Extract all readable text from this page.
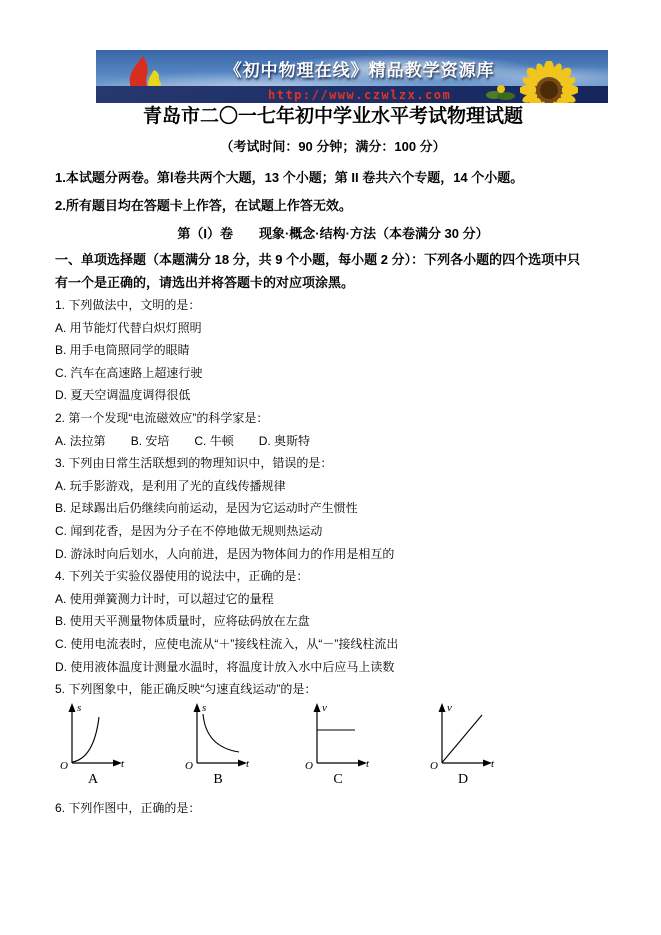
《初中物理在线》精品教学资源库
http://www.czwlzx.com
青岛市二〇一七年初中学业水平考试物理试题
（考试时间：90 分钟；满分：100 分）
1.本试题分两卷。第Ⅰ卷共两个大题，13 个小题；第 II 卷共六个专题，14 个小题。
2.所有题目均在答题卡上作答，在试题上作答无效。
第（I）卷　　现象·概念·结构·方法（本卷满分 30 分）
一、单项选择题（本题满分 18 分，共 9 个小题，每小题 2 分）：下列各小题的四个选项中只
有一个是正确的，请选出并将答题卡的对应项涂黑。
1. 下列做法中，文明的是：
A. 用节能灯代替白炽灯照明
B. 用手电筒照同学的眼睛
C. 汽车在高速路上超速行驶
D. 夏天空调温度调得很低
2. 第一个发现“电流磁效应”的科学家是：
A. 法拉第 B. 安培 C. 牛顿 D. 奥斯特
3. 下列由日常生活联想到的物理知识中，错误的是：
A. 玩手影游戏，是利用了光的直线传播规律
B. 足球踢出后仍继续向前运动，是因为它运动时产生惯性
C. 闻到花香，是因为分子在不停地做无规则热运动
D. 游泳时向后划水，人向前进，是因为物体间力的作用是相互的
4. 下列关于实验仪器使用的说法中，正确的是：
A. 使用弹簧测力计时，可以超过它的量程
B. 使用天平测量物体质量时，应将砝码放在左盘
C. 使用电流表时，应使电流从“＋”接线柱流入，从“－”接线柱流出
D. 使用液体温度计测量水温时，将温度计放入水中后应马上读数
5. 下列图象中，能正确反映“匀速直线运动”的是：
s
O	t
A
s
O	t
B
v
O	t
C
v
O	t
D
6. 下列作图中，正确的是：
